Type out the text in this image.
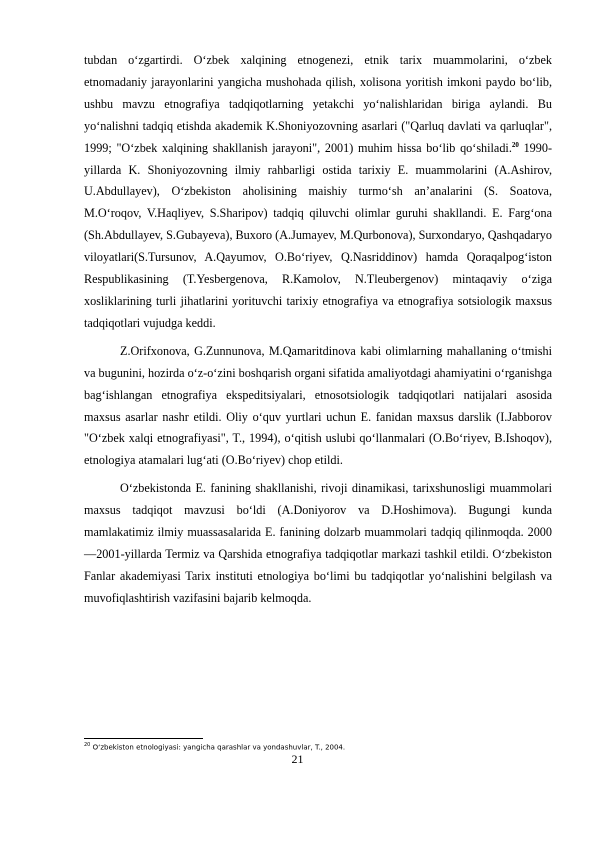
tubdan o‘zgartirdi. O‘zbek xalqining etnogenezi, etnik tarix muammolarini, o‘zbek etnomadaniy jarayonlarini yangicha mushohada qilish, xolisona yoritish imkoni paydo bo‘lib, ushbu mavzu etnografiya tadqiqotlarning yetakchi yo‘nalishlaridan biriga aylandi. Bu yo‘nalishni tadqiq etishda akademik K.Shoniyozovning asarlari ("Qarluq davlati va qarluqlar", 1999; "O‘zbek xalqining shakllanish jarayoni", 2001) muhim hissa bo‘lib qo‘shiladi.$^{20}$ 1990-yillarda K. Shoniyozovning ilmiy rahbarligi ostida tarixiy E. muammolarini (A.Ashirov, U.Abdullayev), O‘zbekiston aholisining maishiy turmo‘sh an’analarini (S. Soatova, M.O‘roqov, V.Haqliyev, S.Sharipov) tadqiq qiluvchi olimlar guruhi shakllandi. E. Farg‘ona (Sh.Abdullayev, S.Gubayeva), Buxoro (A.Jumayev, M.Qurbonova), Surxondaryo, Qashqadaryo viloyatlari(S.Tursunov, A.Qayumov, O.Bo‘riyev, Q.Nasriddinov) hamda Qoraqalpog‘iston Respublikasining (T.Yesbergenova, R.Kamolov, N.Tleubergenov) mintaqaviy o‘ziga xosliklarining turli jihatlarini yorituvchi tarixiy etnografiya va etnografiya sotsiologik maxsus tadqiqotlari vujudga keddi.

Z.Orifxonova, G.Zunnunova, M.Qamaritdinova kabi olimlarning mahallaning o‘tmishi va bugunini, hozirda o‘z-o‘zini boshqarish organi sifatida amaliyotdagi ahamiyatini o‘rganishga bag‘ishlangan etnografiya ekspeditsiyalari, etnosotsiologik tadqiqotlari natijalari asosida maxsus asarlar nashr etildi. Oliy o‘quv yurtlari uchun E. fanidan maxsus darslik (I.Jabborov "O‘zbek xalqi etnografiyasi", T., 1994), o‘qitish uslubi qo‘llanmalari (O.Bo‘riyev, B.Ishoqov), etnologiya atamalari lug‘ati (O.Bo‘riyev) chop etildi.

O‘zbekistonda E. fanining shakllanishi, rivoji dinamikasi, tarixshunosligi muammolari maxsus tadqiqot mavzusi bo‘ldi (A.Doniyorov va D.Hoshimova). Bugungi kunda mamlakatimiz ilmiy muassasalarida E. fanining dolzarb muammolari tadqiq qilinmoqda. 2000—2001-yillarda Termiz va Qarshida etnografiya tadqiqotlar markazi tashkil etildi. O‘zbekiston Fanlar akademiyasi Tarix instituti etnologiya bo‘limi bu tadqiqotlar yo‘nalishini belgilash va muvofiqlashtirish vazifasini bajarib kelmoqda.

$^{20}$ O‘zbekiston etnologiyasi: yangicha qarashlar va yondashuvlar, T., 2004.
21
